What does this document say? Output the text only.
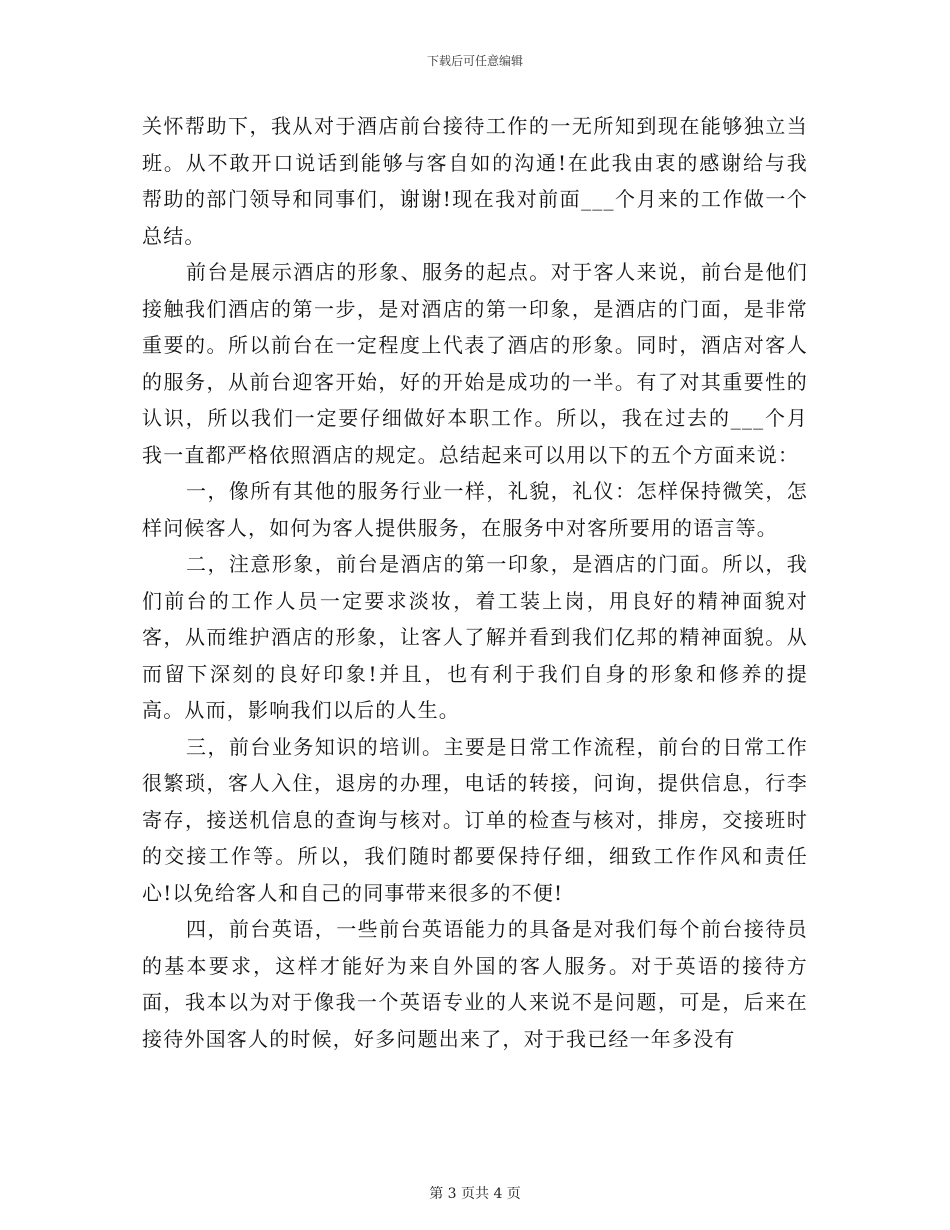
下载后可任意编辑

关怀帮助下，我从对于酒店前台接待工作的一无所知到现在能够独立当班。从不敢开口说话到能够与客自如的沟通!在此我由衷的感谢给与我帮助的部门领导和同事们，谢谢!现在我对前面___个月来的工作做一个总结。

前台是展示酒店的形象、服务的起点。对于客人来说，前台是他们接触我们酒店的第一步，是对酒店的第一印象，是酒店的门面，是非常重要的。所以前台在一定程度上代表了酒店的形象。同时，酒店对客人的服务，从前台迎客开始，好的开始是成功的一半。有了对其重要性的认识，所以我们一定要仔细做好本职工作。所以，我在过去的___个月我一直都严格依照酒店的规定。总结起来可以用以下的五个方面来说：

一，像所有其他的服务行业一样，礼貌，礼仪：怎样保持微笑，怎样问候客人，如何为客人提供服务，在服务中对客所要用的语言等。

二，注意形象，前台是酒店的第一印象，是酒店的门面。所以，我们前台的工作人员一定要求淡妆，着工装上岗，用良好的精神面貌对客，从而维护酒店的形象，让客人了解并看到我们亿邦的精神面貌。从而留下深刻的良好印象!并且，也有利于我们自身的形象和修养的提高。从而，影响我们以后的人生。

三，前台业务知识的培训。主要是日常工作流程，前台的日常工作很繁琐，客人入住，退房的办理，电话的转接，问询，提供信息，行李寄存，接送机信息的查询与核对。订单的检查与核对，排房，交接班时的交接工作等。所以，我们随时都要保持仔细，细致工作作风和责任心!以免给客人和自己的同事带来很多的不便!

四，前台英语，一些前台英语能力的具备是对我们每个前台接待员的基本要求，这样才能好为来自外国的客人服务。对于英语的接待方面，我本以为对于像我一个英语专业的人来说不是问题，可是，后来在接待外国客人的时候，好多问题出来了，对于我已经一年多没有

第 3 页共 4 页
